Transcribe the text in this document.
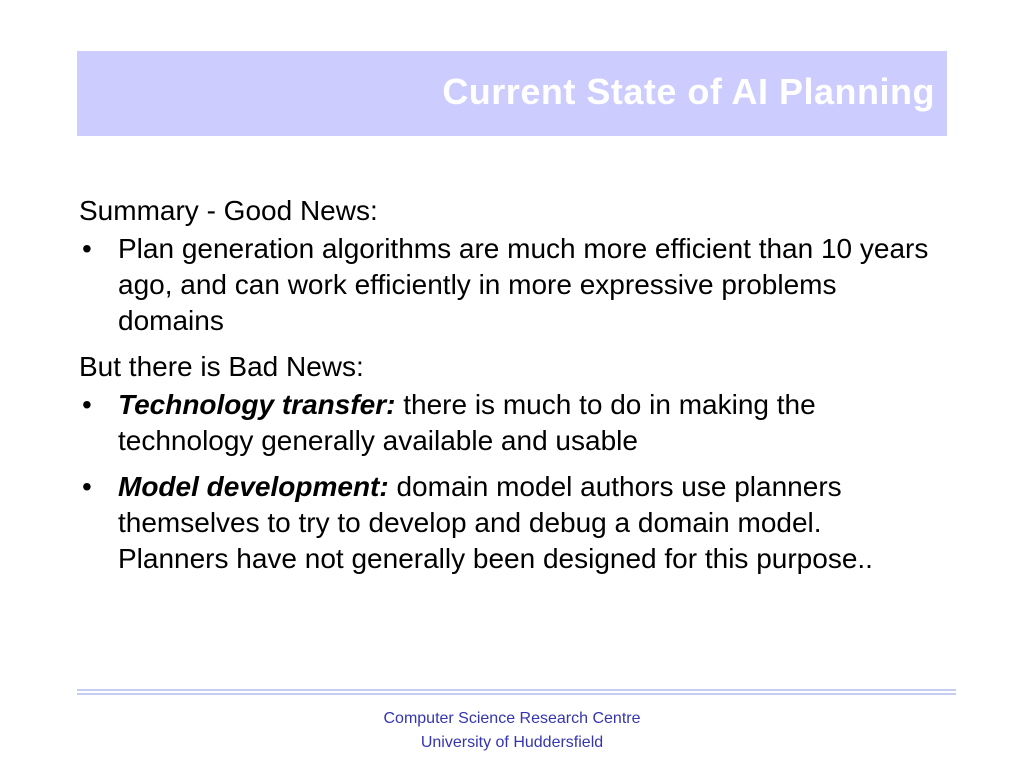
Current State of AI Planning
Summary - Good News:
• Plan generation algorithms are much more efficient than 10 years ago, and can work efficiently in more expressive problems domains
But there is Bad News:
• Technology transfer: there is much to do in making the technology generally available and usable
• Model development: domain model authors use planners themselves to try to develop and debug a domain model. Planners have not generally been designed for this purpose..
Computer Science Research Centre
University of Huddersfield
